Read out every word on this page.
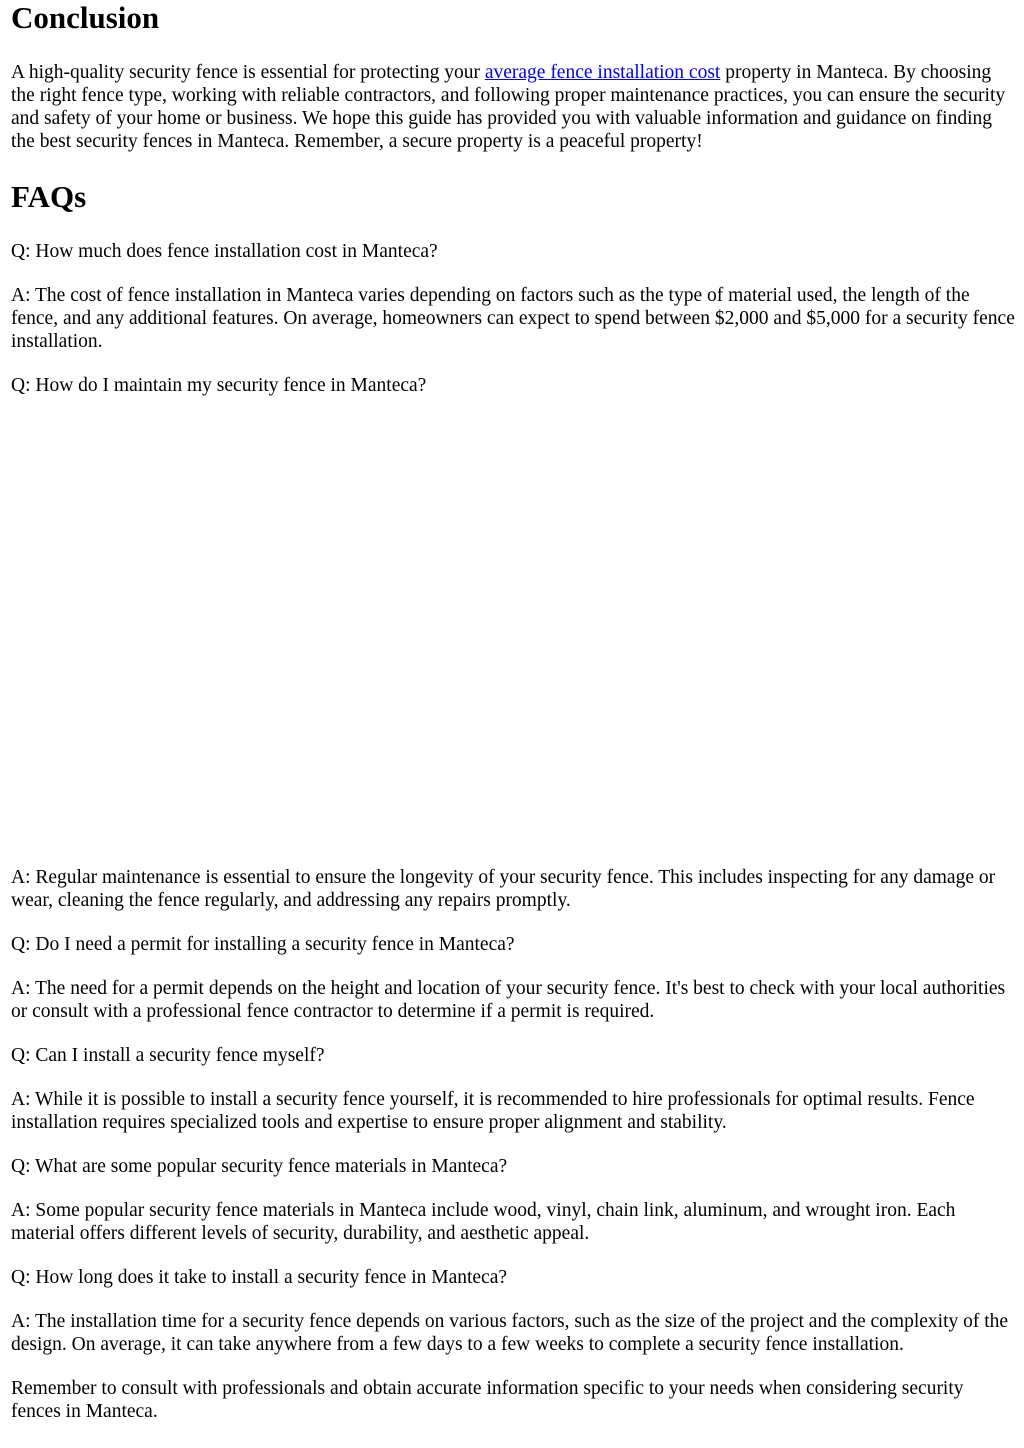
Conclusion

A high-quality security fence is essential for protecting your average fence installation cost property in Manteca. By choosing the right fence type, working with reliable contractors, and following proper maintenance practices, you can ensure the security and safety of your home or business. We hope this guide has provided you with valuable information and guidance on finding the best security fences in Manteca. Remember, a secure property is a peaceful property!

FAQs

Q: How much does fence installation cost in Manteca?

A: The cost of fence installation in Manteca varies depending on factors such as the type of material used, the length of the fence, and any additional features. On average, homeowners can expect to spend between $2,000 and $5,000 for a security fence installation.

Q: How do I maintain my security fence in Manteca?

A: Regular maintenance is essential to ensure the longevity of your security fence. This includes inspecting for any damage or wear, cleaning the fence regularly, and addressing any repairs promptly.

Q: Do I need a permit for installing a security fence in Manteca?

A: The need for a permit depends on the height and location of your security fence. It's best to check with your local authorities or consult with a professional fence contractor to determine if a permit is required.

Q: Can I install a security fence myself?

A: While it is possible to install a security fence yourself, it is recommended to hire professionals for optimal results. Fence installation requires specialized tools and expertise to ensure proper alignment and stability.

Q: What are some popular security fence materials in Manteca?

A: Some popular security fence materials in Manteca include wood, vinyl, chain link, aluminum, and wrought iron. Each material offers different levels of security, durability, and aesthetic appeal.

Q: How long does it take to install a security fence in Manteca?

A: The installation time for a security fence depends on various factors, such as the size of the project and the complexity of the design. On average, it can take anywhere from a few days to a few weeks to complete a security fence installation.

Remember to consult with professionals and obtain accurate information specific to your needs when considering security fences in Manteca.
